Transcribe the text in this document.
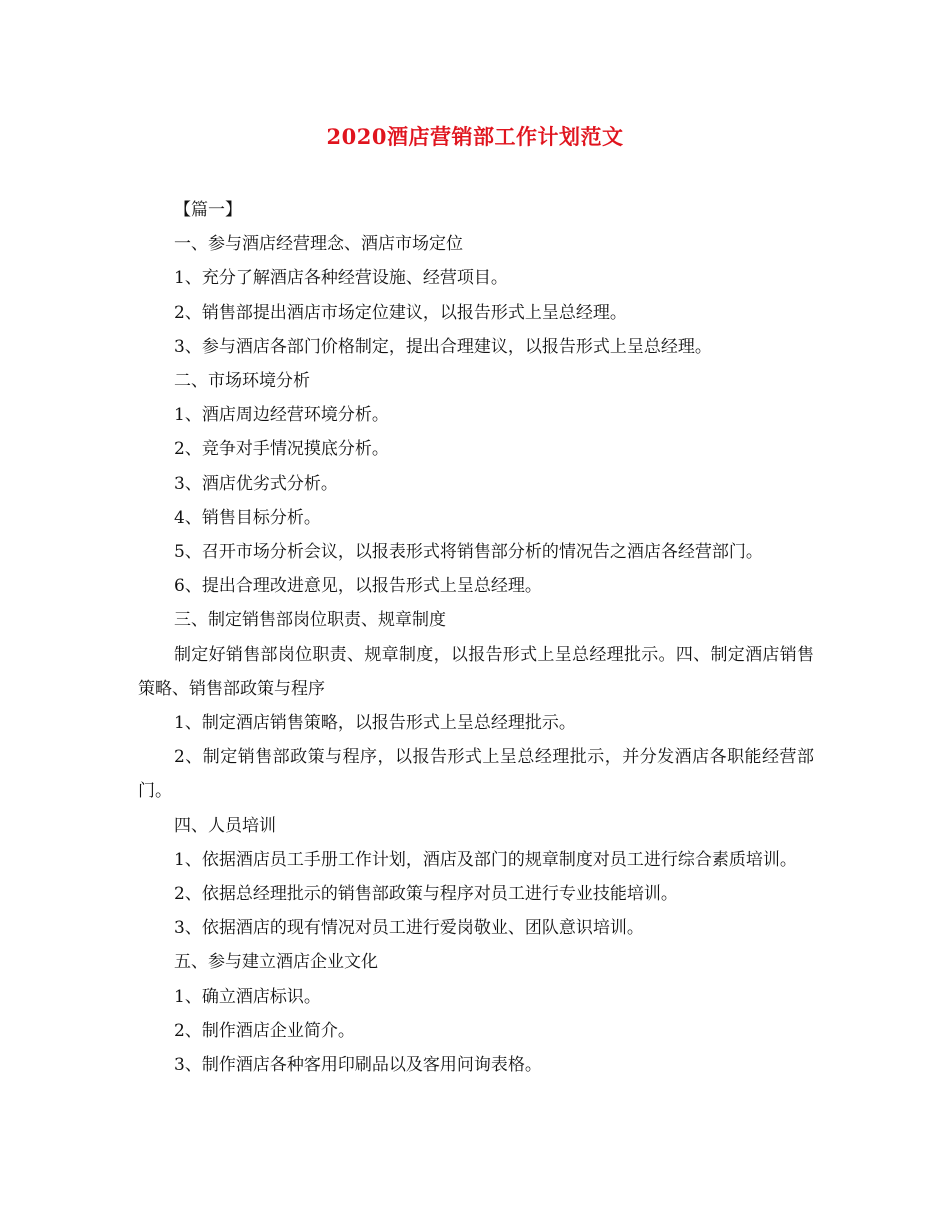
2020酒店营销部工作计划范文

【篇一】

一、参与酒店经营理念、酒店市场定位

1、充分了解酒店各种经营设施、经营项目。

2、销售部提出酒店市场定位建议，以报告形式上呈总经理。

3、参与酒店各部门价格制定，提出合理建议，以报告形式上呈总经理。

二、市场环境分析

1、酒店周边经营环境分析。

2、竞争对手情况摸底分析。

3、酒店优劣式分析。

4、销售目标分析。

5、召开市场分析会议，以报表形式将销售部分析的情况告之酒店各经营部门。

6、提出合理改进意见，以报告形式上呈总经理。

三、制定销售部岗位职责、规章制度

制定好销售部岗位职责、规章制度，以报告形式上呈总经理批示。四、制定酒店销售策略、销售部政策与程序

1、制定酒店销售策略，以报告形式上呈总经理批示。

2、制定销售部政策与程序，以报告形式上呈总经理批示，并分发酒店各职能经营部门。

四、人员培训

1、依据酒店员工手册工作计划，酒店及部门的规章制度对员工进行综合素质培训。

2、依据总经理批示的销售部政策与程序对员工进行专业技能培训。

3、依据酒店的现有情况对员工进行爱岗敬业、团队意识培训。

五、参与建立酒店企业文化

1、确立酒店标识。

2、制作酒店企业简介。

3、制作酒店各种客用印刷品以及客用问询表格。
